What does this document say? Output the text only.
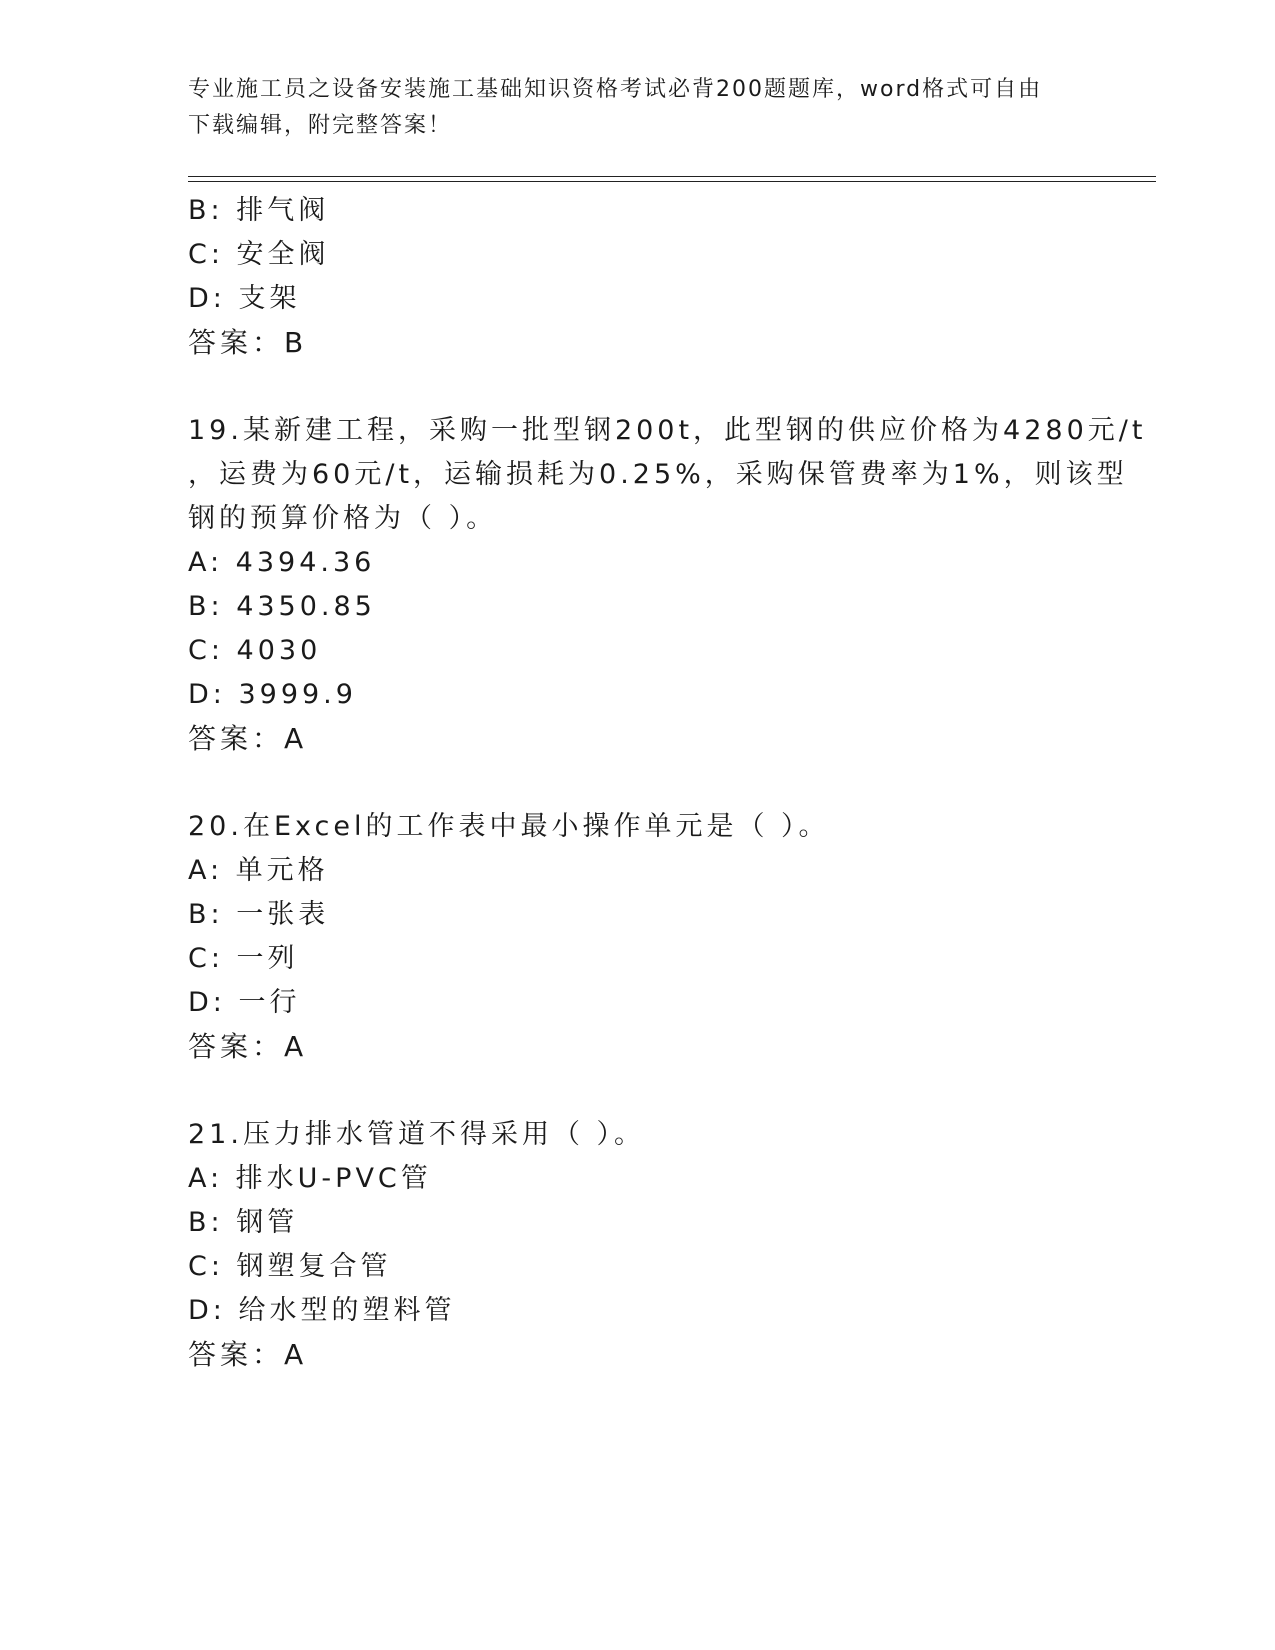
专业施工员之设备安装施工基础知识资格考试必背200题题库，word格式可自由
下载编辑，附完整答案！
B: 排气阀
C: 安全阀
D: 支架
答案：B
19.某新建工程，采购一批型钢200t，此型钢的供应价格为4280元/t
，运费为60元/t，运输损耗为0.25%，采购保管费率为1%，则该型
钢的预算价格为（ ）。
A: 4394.36
B: 4350.85
C: 4030
D: 3999.9
答案：A
20.在Excel的工作表中最小操作单元是（ ）。
A: 单元格
B: 一张表
C: 一列
D: 一行
答案：A
21.压力排水管道不得采用（ ）。
A: 排水U-PVC管
B: 钢管
C: 钢塑复合管
D: 给水型的塑料管
答案：A
